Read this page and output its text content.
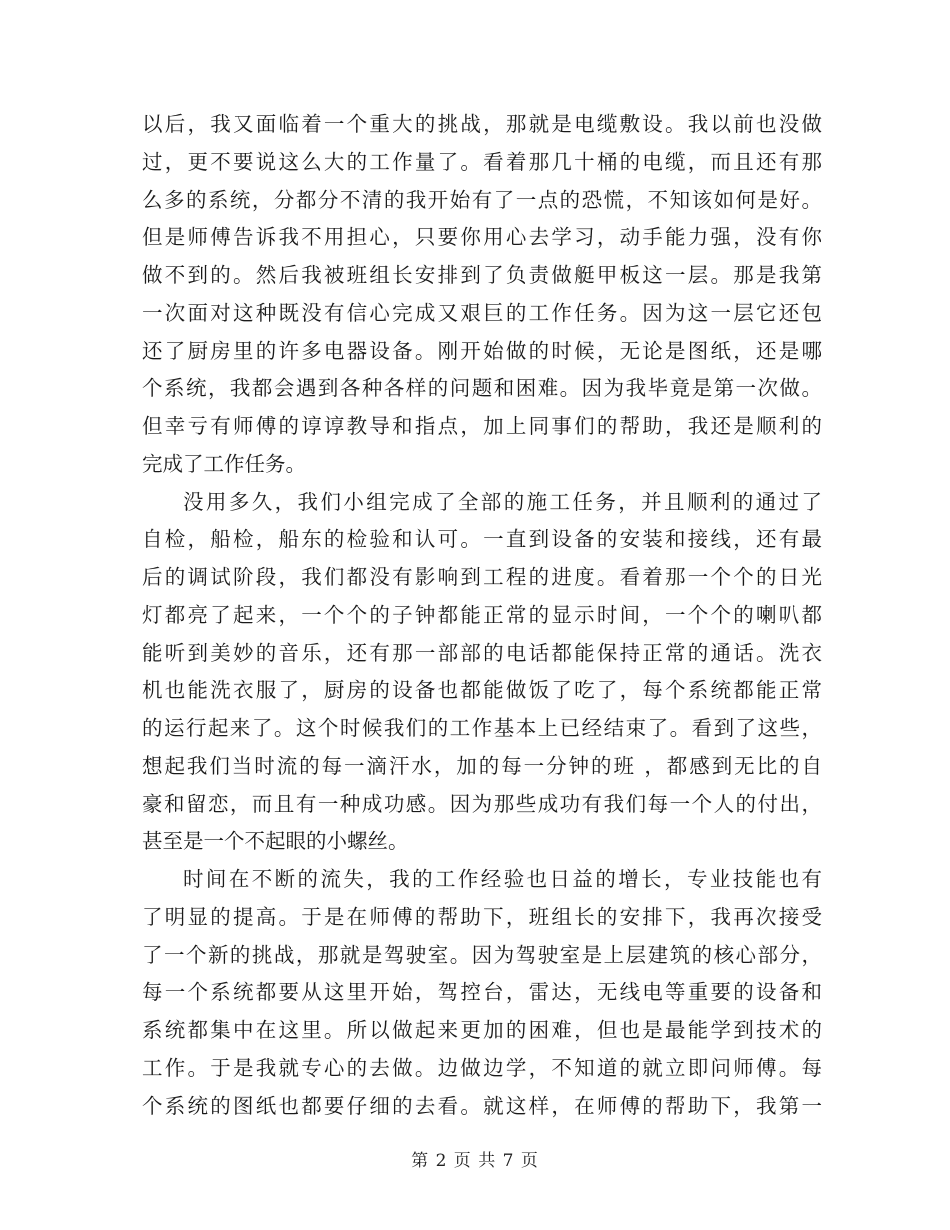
以后，我又面临着一个重大的挑战，那就是电缆敷设。我以前也没做
过，更不要说这么大的工作量了。看着那几十桶的电缆，而且还有那
么多的系统，分都分不清的我开始有了一点的恐慌，不知该如何是好。
但是师傅告诉我不用担心，只要你用心去学习，动手能力强，没有你
做不到的。然后我被班组长安排到了负责做艇甲板这一层。那是我第
一次面对这种既没有信心完成又艰巨的工作任务。因为这一层它还包
还了厨房里的许多电器设备。刚开始做的时候，无论是图纸，还是哪
个系统，我都会遇到各种各样的问题和困难。因为我毕竟是第一次做。
但幸亏有师傅的谆谆教导和指点，加上同事们的帮助，我还是顺利的
完成了工作任务。
没用多久，我们小组完成了全部的施工任务，并且顺利的通过了
自检，船检，船东的检验和认可。一直到设备的安装和接线，还有最
后的调试阶段，我们都没有影响到工程的进度。看着那一个个的日光
灯都亮了起来，一个个的子钟都能正常的显示时间，一个个的喇叭都
能听到美妙的音乐，还有那一部部的电话都能保持正常的通话。洗衣
机也能洗衣服了，厨房的设备也都能做饭了吃了，每个系统都能正常
的运行起来了。这个时候我们的工作基本上已经结束了。看到了这些，
想起我们当时流的每一滴汗水，加的每一分钟的班 ，都感到无比的自
豪和留恋，而且有一种成功感。因为那些成功有我们每一个人的付出，
甚至是一个不起眼的小螺丝。
时间在不断的流失，我的工作经验也日益的增长，专业技能也有
了明显的提高。于是在师傅的帮助下，班组长的安排下，我再次接受
了一个新的挑战，那就是驾驶室。因为驾驶室是上层建筑的核心部分，
每一个系统都要从这里开始，驾控台，雷达，无线电等重要的设备和
系统都集中在这里。所以做起来更加的困难，但也是最能学到技术的
工作。于是我就专心的去做。边做边学，不知道的就立即问师傅。每
个系统的图纸也都要仔细的去看。就这样，在师傅的帮助下，我第一
第 2 页 共 7 页
